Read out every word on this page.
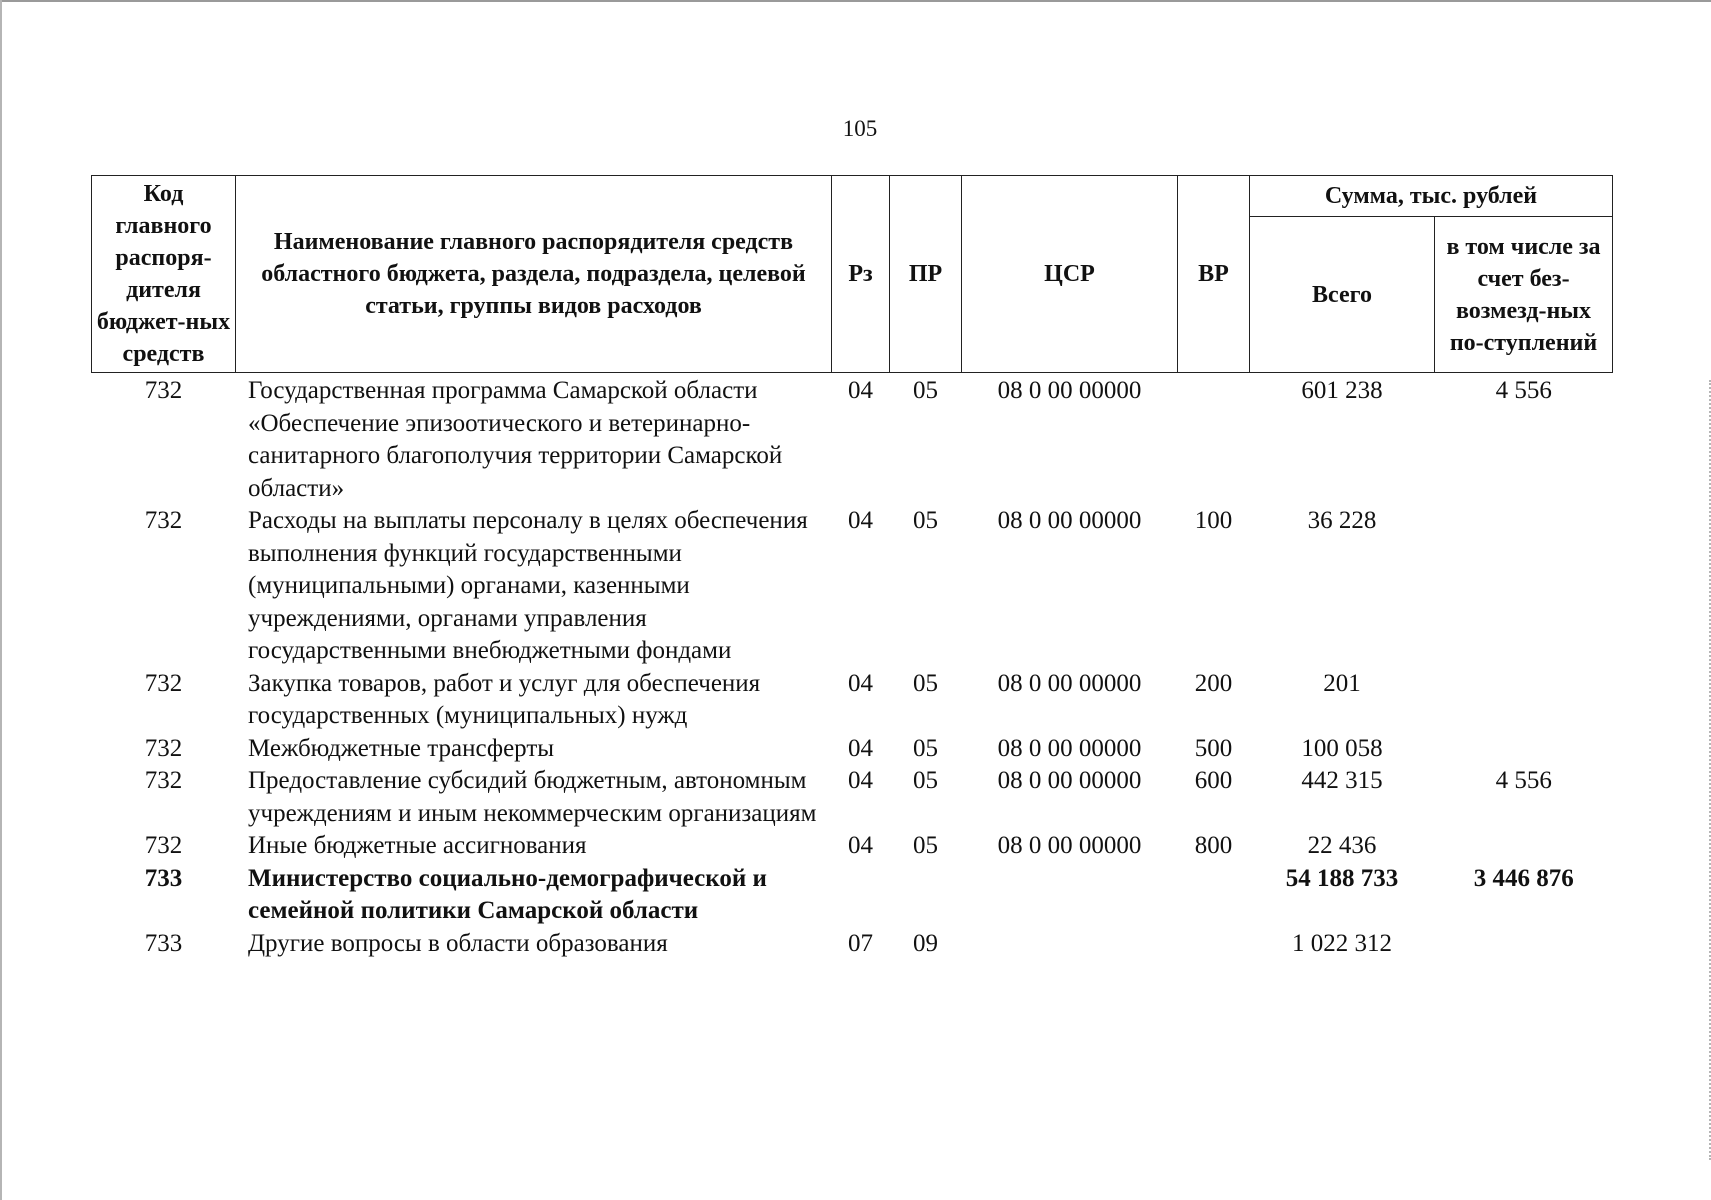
105
Код главного распоря-дителя бюджет-ных средств	Наименование главного распорядителя средств областного бюджета, раздела, подраздела, целевой статьи, группы видов расходов	Рз	ПР	ЦСР	ВР	Сумма, тыс. рублей	
						Всего	в том числе за счет без-возмезд-ных по-ступлений
732	Государственная программа Самарской области «Обеспечение эпизоотического и ветеринарно-санитарного благополучия территории Самарской области»	04	05	08 0 00 00000		601 238	4 556
732	Расходы на выплаты персоналу в целях обеспечения выполнения функций государственными (муниципальными) органами, казенными учреждениями, органами управления государственными внебюджетными фондами	04	05	08 0 00 00000	100	36 228	
732	Закупка товаров, работ и услуг для обеспечения государственных (муниципальных) нужд	04	05	08 0 00 00000	200	201	
732	Межбюджетные трансферты	04	05	08 0 00 00000	500	100 058	
732	Предоставление субсидий бюджетным, автономным учреждениям и иным некоммерческим организациям	04	05	08 0 00 00000	600	442 315	4 556
732	Иные бюджетные ассигнования	04	05	08 0 00 00000	800	22 436	
733	Министерство социально-демографической и семейной политики Самарской области					54 188 733	3 446 876
733	Другие вопросы в области образования	07	09			1 022 312	
